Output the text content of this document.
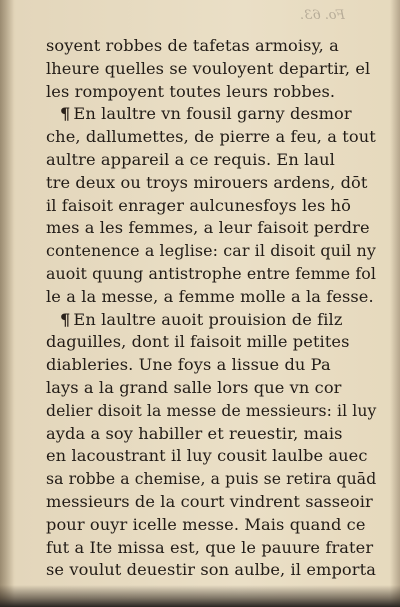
Fo. 63.
soyent robbes de tafetas armoisy, a
lheure quelles se vouloyent departir, el
les rompoyent toutes leurs robbes.
¶ En laultre vn fousil garny desmor
che, dallumettes, de pierre a feu, a tout
aultre appareil a ce requis. En laul
tre deux ou troys mirouers ardens, dōt
il faisoit enrager aulcunesfoys les hō
mes a les femmes, a leur faisoit perdre
contenence a leglise: car il disoit quil ny
auoit quung antistrophe entre femme fol
le a la messe, a femme molle a la fesse.
¶ En laultre auoit prouision de filz
daguilles, dont il faisoit mille petites
diableries. Une foys a lissue du Pa
lays a la grand salle lors que vn cor
delier disoit la messe de messieurs: il luy
ayda a soy habiller et reuestir, mais
en lacoustrant il luy cousit laulbe auec
sa robbe a chemise, a puis se retira quād
messieurs de la court vindrent sasseoir
pour ouyr icelle messe. Mais quand ce
fut a Ite missa est, que le pauure frater
se voulut deuestir son aulbe, il emporta
